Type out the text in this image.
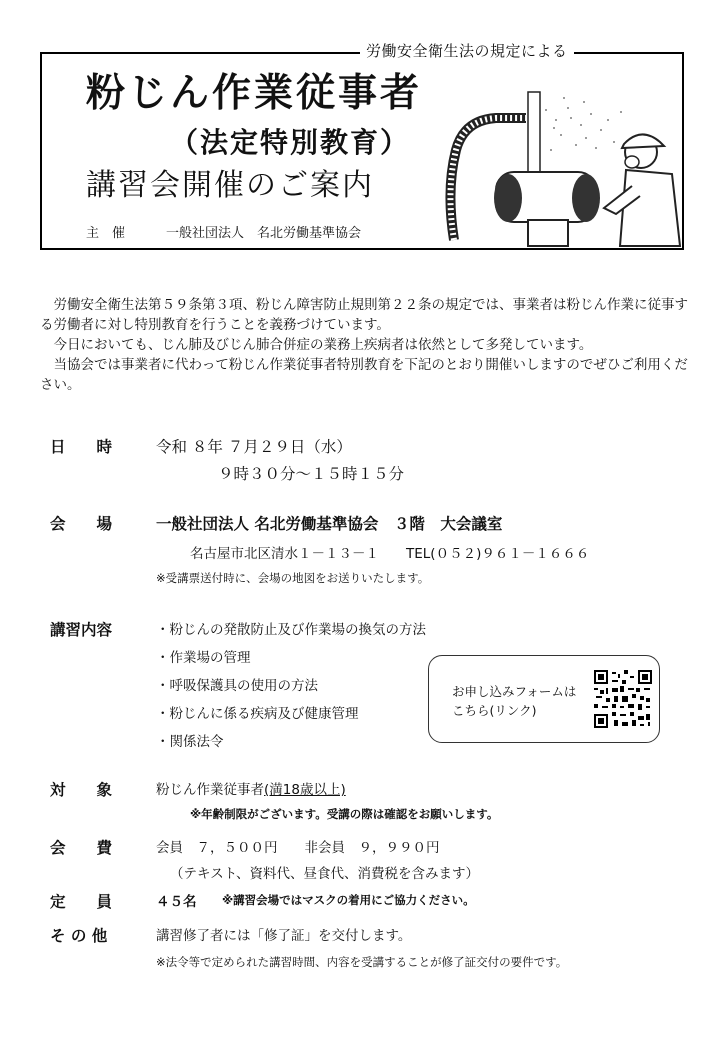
労働安全衛生法の規定による
粉じん作業従事者
（法定特別教育）
講習会開催のご案内
主　催	一般社団法人　名北労働基準協会

労働安全衛生法第５９条第３項、粉じん障害防止規則第２２条の規定では、事業者は粉じん作業に従事する労働者に対し特別教育を行うことを義務づけています。

今日においても、じん肺及びじん肺合併症の業務上疾病者は依然として多発しています。

当協会では事業者に代わって粉じん作業従事者特別教育を下記のとおり開催いしますのでぜひご利用ください。

日　　時	令和 ８年 ７月２９日（水）
９時３０分～１５時１５分
会　　場	一般社団法人 名北労働基準協会　３階　大会議室
名古屋市北区清水１－１３－１　　TEL(０５２)９６１－１６６６
※受講票送付時に、会場の地図をお送りいたします。
講習内容	・粉じんの発散防止及び作業場の換気の方法
・作業場の管理
・呼吸保護具の使用の方法
・粉じんに係る疾病及び健康管理
・関係法令
お申し込みフォームは
こちら(リンク)
対　　象	粉じん作業従事者(満18歳以上)
※年齢制限がございます。受講の際は確認をお願いします。
会　　費	会員　７，５００円　　非会員　９，９９０円
（テキスト、資料代、昼食代、消費税を含みます）
定　　員	４５名 ※講習会場ではマスクの着用にご協力ください。
そ の 他	講習修了者には「修了証」を交付します。
※法令等で定められた講習時間、内容を受講することが修了証交付の要件です。
